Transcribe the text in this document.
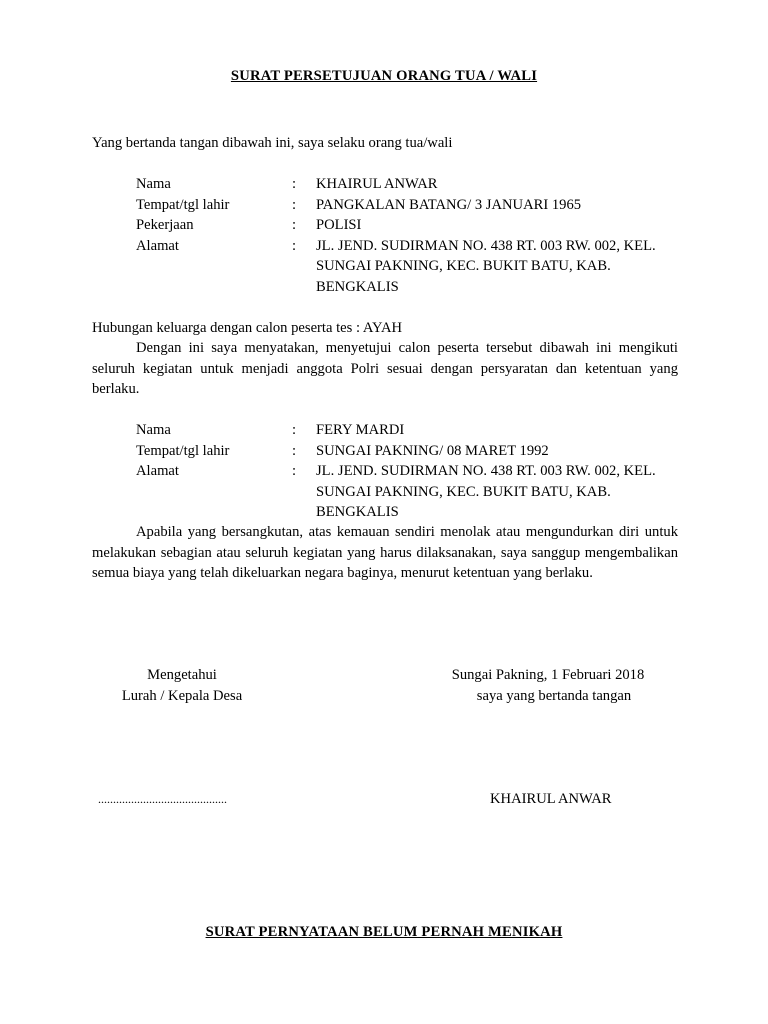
SURAT PERSETUJUAN ORANG TUA / WALI
Yang bertanda tangan dibawah ini, saya selaku orang tua/wali
Nama	:	KHAIRUL ANWAR
Tempat/tgl lahir	:	PANGKALAN BATANG/ 3 JANUARI 1965
Pekerjaan	:	POLISI
Alamat	:	JL. JEND. SUDIRMAN NO. 438 RT. 003 RW. 002, KEL. SUNGAI PAKNING, KEC. BUKIT BATU, KAB. BENGKALIS
Hubungan keluarga dengan calon peserta tes : AYAH
Dengan ini saya menyatakan, menyetujui calon peserta tersebut dibawah ini mengikuti seluruh kegiatan untuk menjadi anggota Polri sesuai dengan persyaratan dan ketentuan yang berlaku.
Nama	:	FERY MARDI
Tempat/tgl lahir	:	SUNGAI PAKNING/ 08 MARET 1992
Alamat	:	JL. JEND. SUDIRMAN NO. 438 RT. 003 RW. 002, KEL. SUNGAI PAKNING, KEC. BUKIT BATU, KAB. BENGKALIS
Apabila yang bersangkutan, atas kemauan sendiri menolak atau mengundurkan diri untuk melakukan sebagian atau seluruh kegiatan yang harus dilaksanakan, saya sanggup mengembalikan semua biaya yang telah dikeluarkan negara baginya, menurut ketentuan yang berlaku.
Mengetahui
Lurah / Kepala Desa
Sungai Pakning, 1 Februari 2018
saya yang bertanda tangan
...........................................	KHAIRUL ANWAR
SURAT PERNYATAAN BELUM PERNAH MENIKAH
